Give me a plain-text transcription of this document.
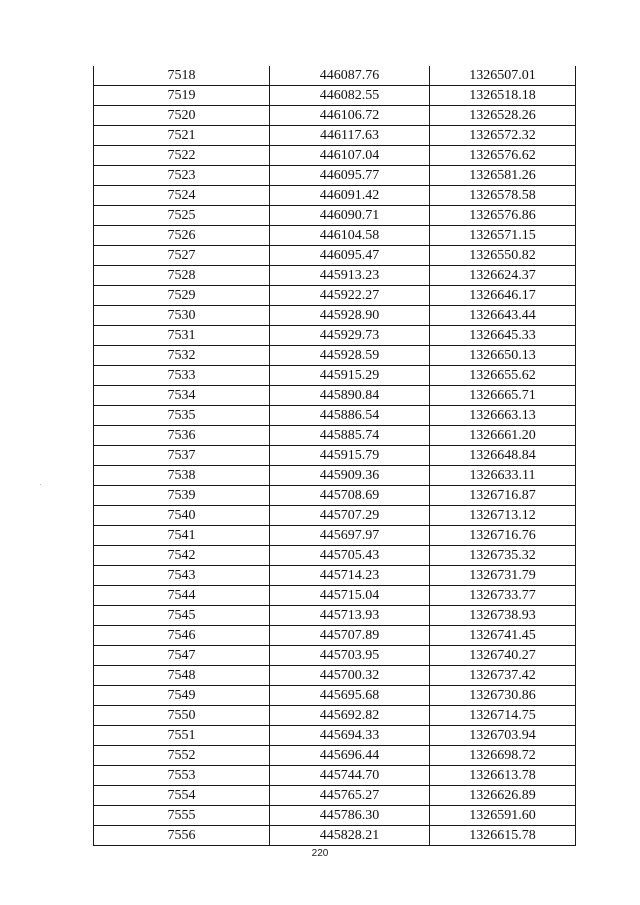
7518	446087.76	1326507.01
7519	446082.55	1326518.18
7520	446106.72	1326528.26
7521	446117.63	1326572.32
7522	446107.04	1326576.62
7523	446095.77	1326581.26
7524	446091.42	1326578.58
7525	446090.71	1326576.86
7526	446104.58	1326571.15
7527	446095.47	1326550.82
7528	445913.23	1326624.37
7529	445922.27	1326646.17
7530	445928.90	1326643.44
7531	445929.73	1326645.33
7532	445928.59	1326650.13
7533	445915.29	1326655.62
7534	445890.84	1326665.71
7535	445886.54	1326663.13
7536	445885.74	1326661.20
7537	445915.79	1326648.84
7538	445909.36	1326633.11
7539	445708.69	1326716.87
7540	445707.29	1326713.12
7541	445697.97	1326716.76
7542	445705.43	1326735.32
7543	445714.23	1326731.79
7544	445715.04	1326733.77
7545	445713.93	1326738.93
7546	445707.89	1326741.45
7547	445703.95	1326740.27
7548	445700.32	1326737.42
7549	445695.68	1326730.86
7550	445692.82	1326714.75
7551	445694.33	1326703.94
7552	445696.44	1326698.72
7553	445744.70	1326613.78
7554	445765.27	1326626.89
7555	445786.30	1326591.60
7556	445828.21	1326615.78
220
